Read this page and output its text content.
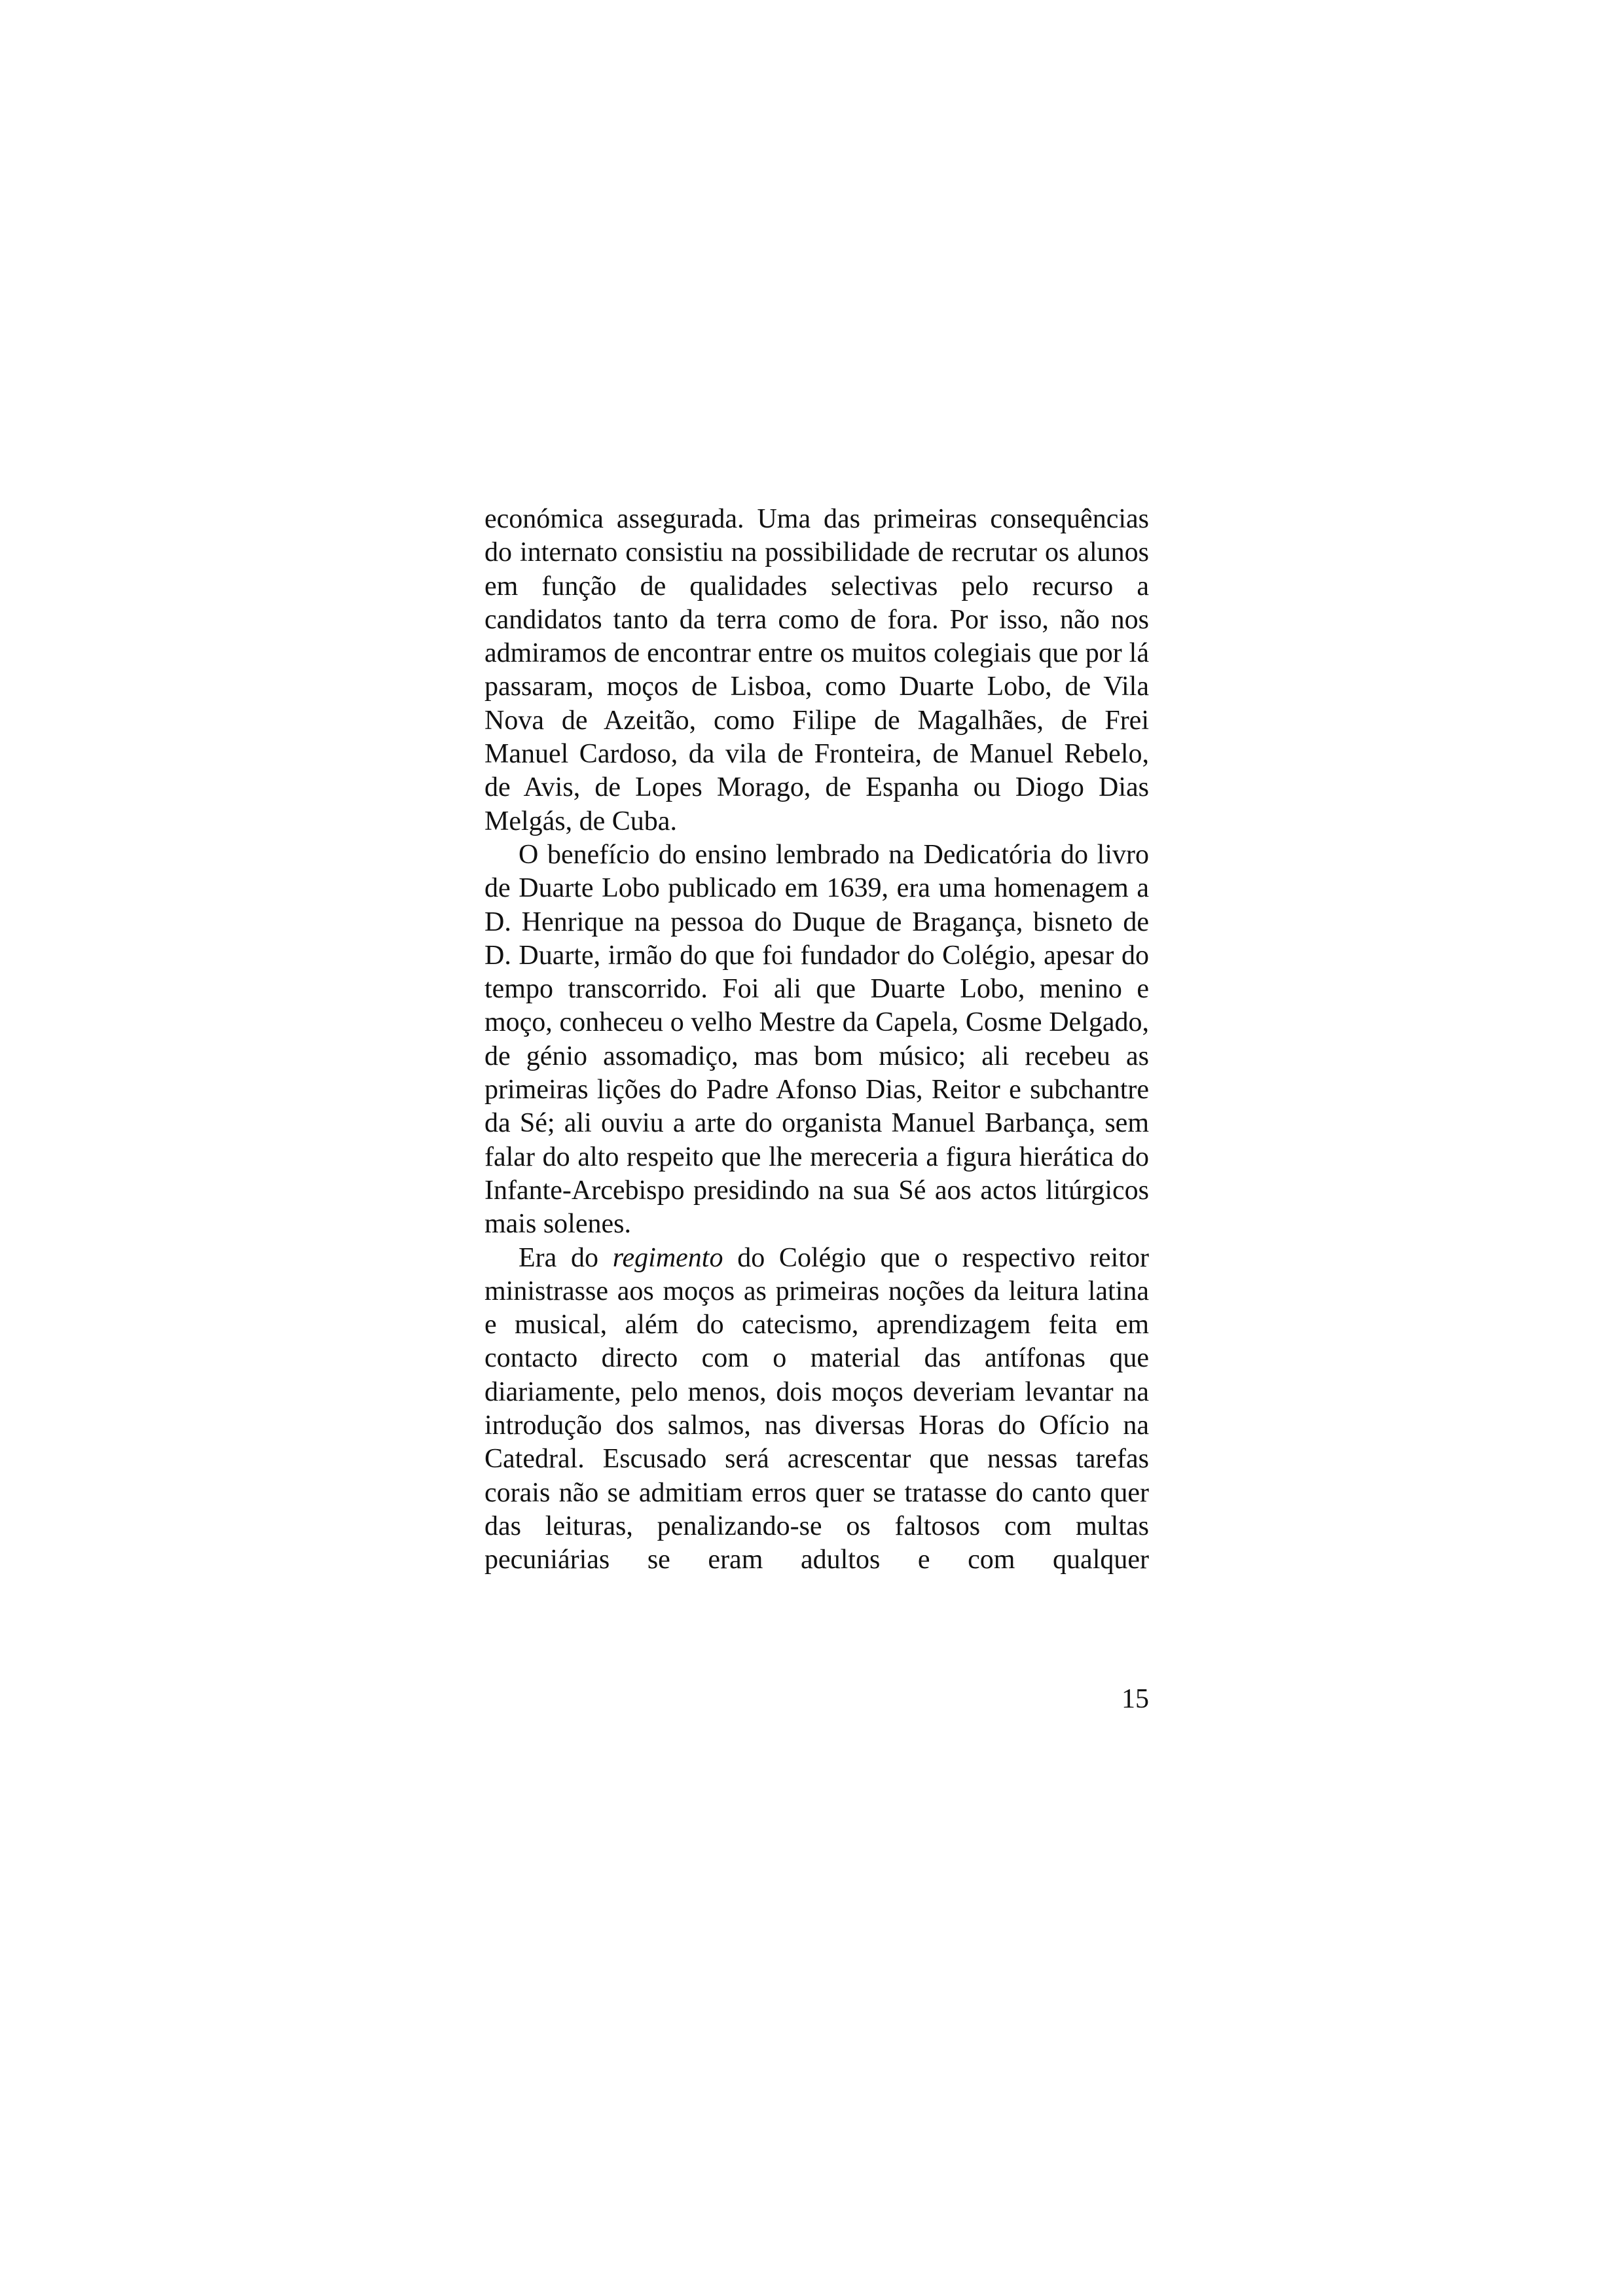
económica assegurada. Uma das primeiras consequências do internato consistiu na possibilidade de recrutar os alunos em função de qualidades selectivas pelo recurso a candidatos tanto da terra como de fora. Por isso, não nos admiramos de encontrar entre os muitos colegiais que por lá passaram, moços de Lisboa, como Duarte Lobo, de Vila Nova de Azeitão, como Filipe de Magalhães, de Frei Manuel Cardoso, da vila de Fronteira, de Manuel Rebelo, de Avis, de Lopes Morago, de Espanha ou Diogo Dias Melgás, de Cuba.

O benefício do ensino lembrado na Dedicatória do livro de Duarte Lobo publicado em 1639, era uma homenagem a D. Henrique na pessoa do Duque de Bragança, bisneto de D. Duarte, irmão do que foi fundador do Colégio, apesar do tempo transcorrido. Foi ali que Duarte Lobo, menino e moço, conheceu o velho Mestre da Capela, Cosme Delgado, de génio assomadiço, mas bom músico; ali recebeu as primeiras lições do Padre Afonso Dias, Reitor e subchantre da Sé; ali ouviu a arte do organista Manuel Barbança, sem falar do alto respeito que lhe mereceria a figura hierática do Infante-Arcebispo presidindo na sua Sé aos actos litúrgicos mais solenes.

Era do regimento do Colégio que o respectivo reitor ministrasse aos moços as primeiras noções da leitura latina e musical, além do catecismo, aprendizagem feita em contacto directo com o material das antífonas que diariamente, pelo menos, dois moços deveriam levantar na introdução dos salmos, nas diversas Horas do Ofício na Catedral. Escusado será acrescentar que nessas tarefas corais não se admitiam erros quer se tratasse do canto quer das leituras, penalizando-se os faltosos com multas pecuniárias se eram adultos e com qualquer

15
